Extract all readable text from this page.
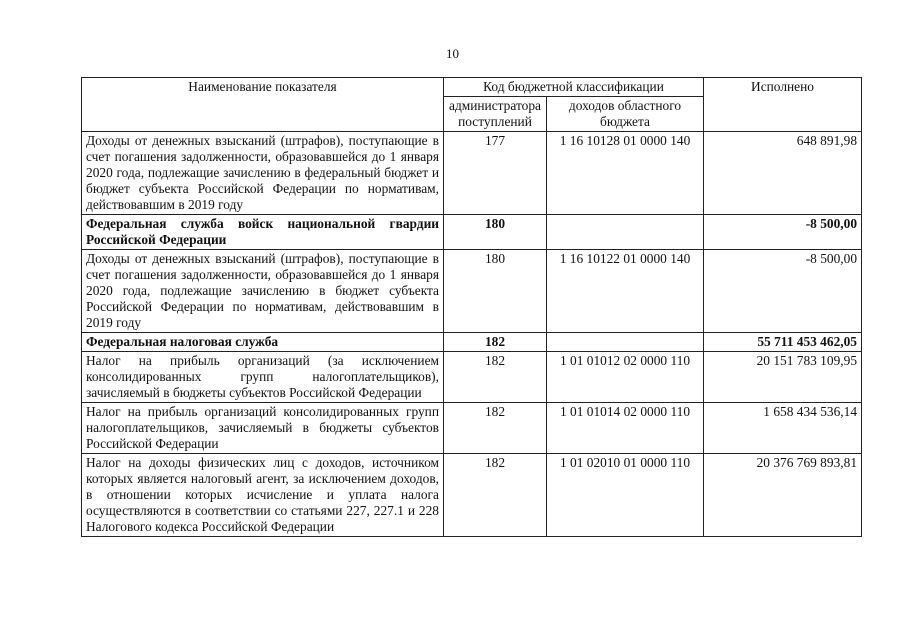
10
Наименование показателя	Код бюджетной классификации		Исполнено
	администратора поступлений	доходов областного бюджета	
Доходы от денежных взысканий (штрафов), поступающие в счет погашения задолженности, образовавшейся до 1 января 2020 года, подлежащие зачислению в федеральный бюджет и бюджет субъекта Российской Федерации по нормативам, действовавшим в 2019 году	177	1 16 10128 01 0000 140	648 891,98
Федеральная служба войск национальной гвардии Российской Федерации	180		-8 500,00
Доходы от денежных взысканий (штрафов), поступающие в счет погашения задолженности, образовавшейся до 1 января 2020 года, подлежащие зачислению в бюджет субъекта Российской Федерации по нормативам, действовавшим в 2019 году	180	1 16 10122 01 0000 140	-8 500,00
Федеральная налоговая служба	182		55 711 453 462,05
Налог на прибыль организаций (за исключением консолидированных групп налогоплательщиков), зачисляемый в бюджеты субъектов Российской Федерации	182	1 01 01012 02 0000 110	20 151 783 109,95
Налог на прибыль организаций консолидированных групп налогоплательщиков, зачисляемый в бюджеты субъектов Российской Федерации	182	1 01 01014 02 0000 110	1 658 434 536,14
Налог на доходы физических лиц с доходов, источником которых является налоговый агент, за исключением доходов, в отношении которых исчисление и уплата налога осуществляются в соответствии со статьями 227, 227.1 и 228 Налогового кодекса Российской Федерации	182	1 01 02010 01 0000 110	20 376 769 893,81
